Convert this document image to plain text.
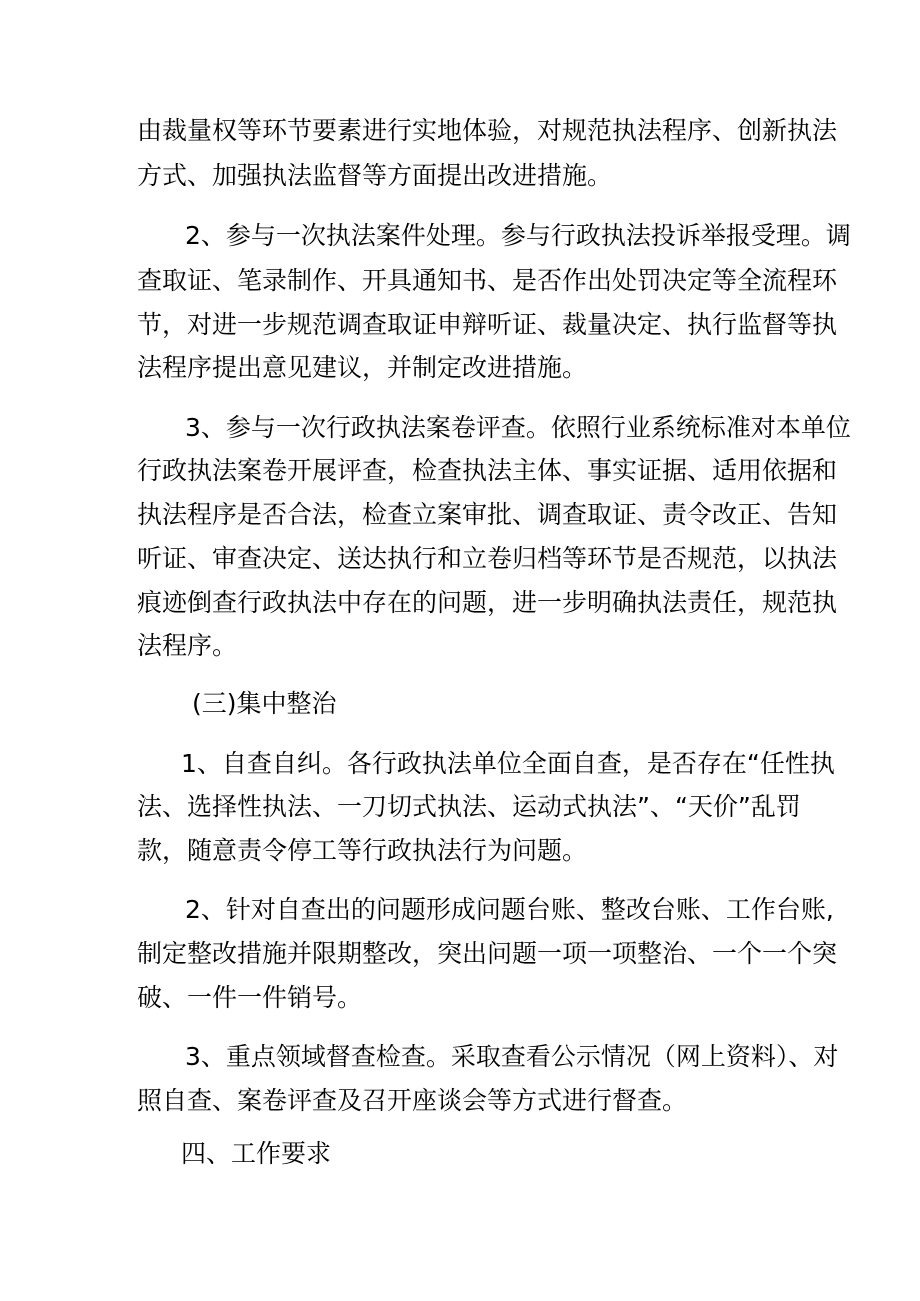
由裁量权等环节要素进行实地体验，对规范执法程序、创新执法
方式、加强执法监督等方面提出改进措施。
2、参与一次执法案件处理。参与行政执法投诉举报受理。调
查取证、笔录制作、开具通知书、是否作出处罚决定等全流程环
节，对进一步规范调查取证申辩听证、裁量决定、执行监督等执
法程序提出意见建议，并制定改进措施。
3、参与一次行政执法案卷评查。依照行业系统标准对本单位
行政执法案卷开展评查，检查执法主体、事实证据、适用依据和
执法程序是否合法，检查立案审批、调查取证、责令改正、告知
听证、审查决定、送达执行和立卷归档等环节是否规范，以执法
痕迹倒查行政执法中存在的问题，进一步明确执法责任，规范执
法程序。
(三)集中整治
1、自查自纠。各行政执法单位全面自查，是否存在“任性执
法、选择性执法、一刀切式执法、运动式执法”、“天价”乱罚
款，随意责令停工等行政执法行为问题。
2、针对自查出的问题形成问题台账、整改台账、工作台账,
制定整改措施并限期整改，突出问题一项一项整治、一个一个突
破、一件一件销号。
3、重点领域督查检查。采取查看公示情况（网上资料）、对
照自查、案卷评查及召开座谈会等方式进行督查。
四、工作要求
